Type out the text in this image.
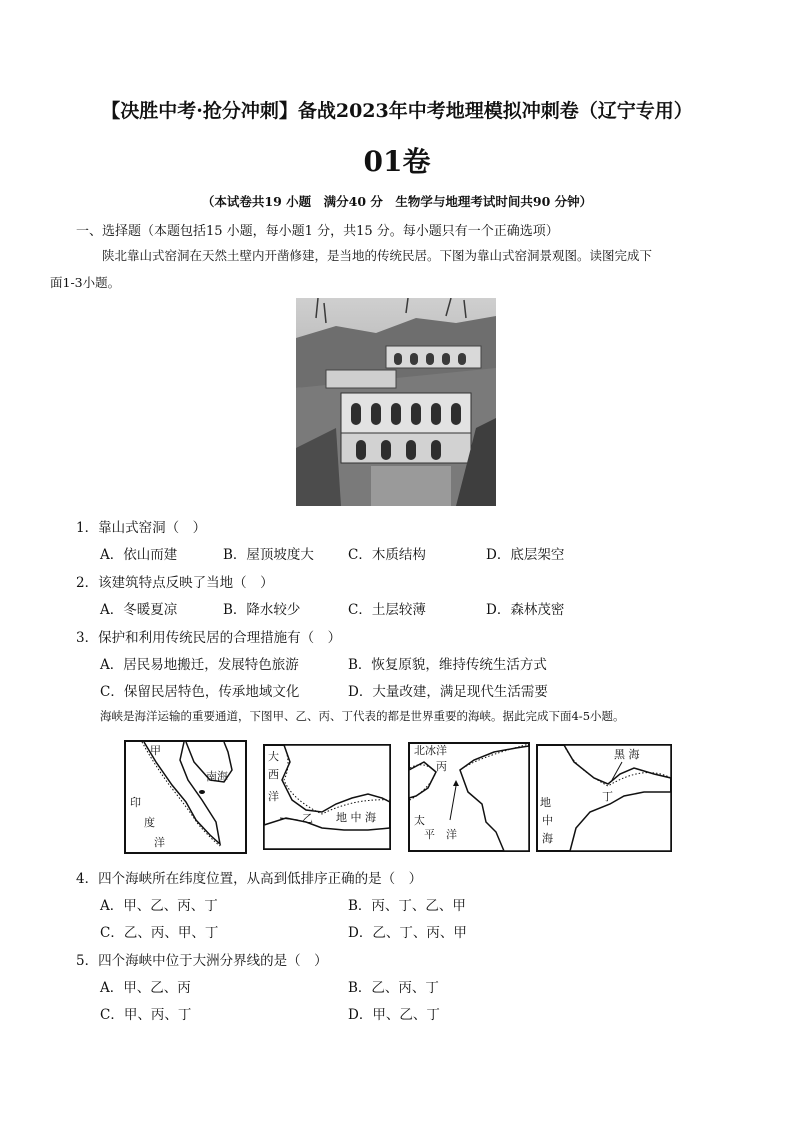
【决胜中考·抢分冲刺】备战2023年中考地理模拟冲刺卷（辽宁专用）
01卷
（本试卷共19 小题　满分40 分　生物学与地理考试时间共90 分钟）
一、选择题（本题包括15 小题，每小题1 分，共15 分。每小题只有一个正确选项）
陕北靠山式窑洞在天然土壁内开凿修建，是当地的传统民居。下图为靠山式窑洞景观图。读图完成下
面1-3小题。
1．靠山式窑洞（　）
A．依山而建	B．屋顶坡度大	C．木质结构	D．底层架空
2．该建筑特点反映了当地（　）
A．冬暖夏凉	B．降水较少	C．土层较薄	D．森林茂密
3．保护和利用传统民居的合理措施有（　）
A．居民易地搬迁，发展特色旅游	B．恢复原貌，维持传统生活方式
C．保留民居特色，传承地域文化	D．大量改建，满足现代生活需要
海峡是海洋运输的重要通道，下图甲、乙、丙、丁代表的都是世界重要的海峡。据此完成下面4-5小题。
甲
南海
印
度
洋
大
西
洋
乙 地 中 海
北冰洋
丙
太
平 洋
黑 海
丁
地
中
海
4．四个海峡所在纬度位置，从高到低排序正确的是（　）
A．甲、乙、丙、丁	B．丙、丁、乙、甲
C．乙、丙、甲、丁	D．乙、丁、丙、甲
5．四个海峡中位于大洲分界线的是（　）
A．甲、乙、丙	B．乙、丙、丁
C．甲、丙、丁	D．甲、乙、丁
